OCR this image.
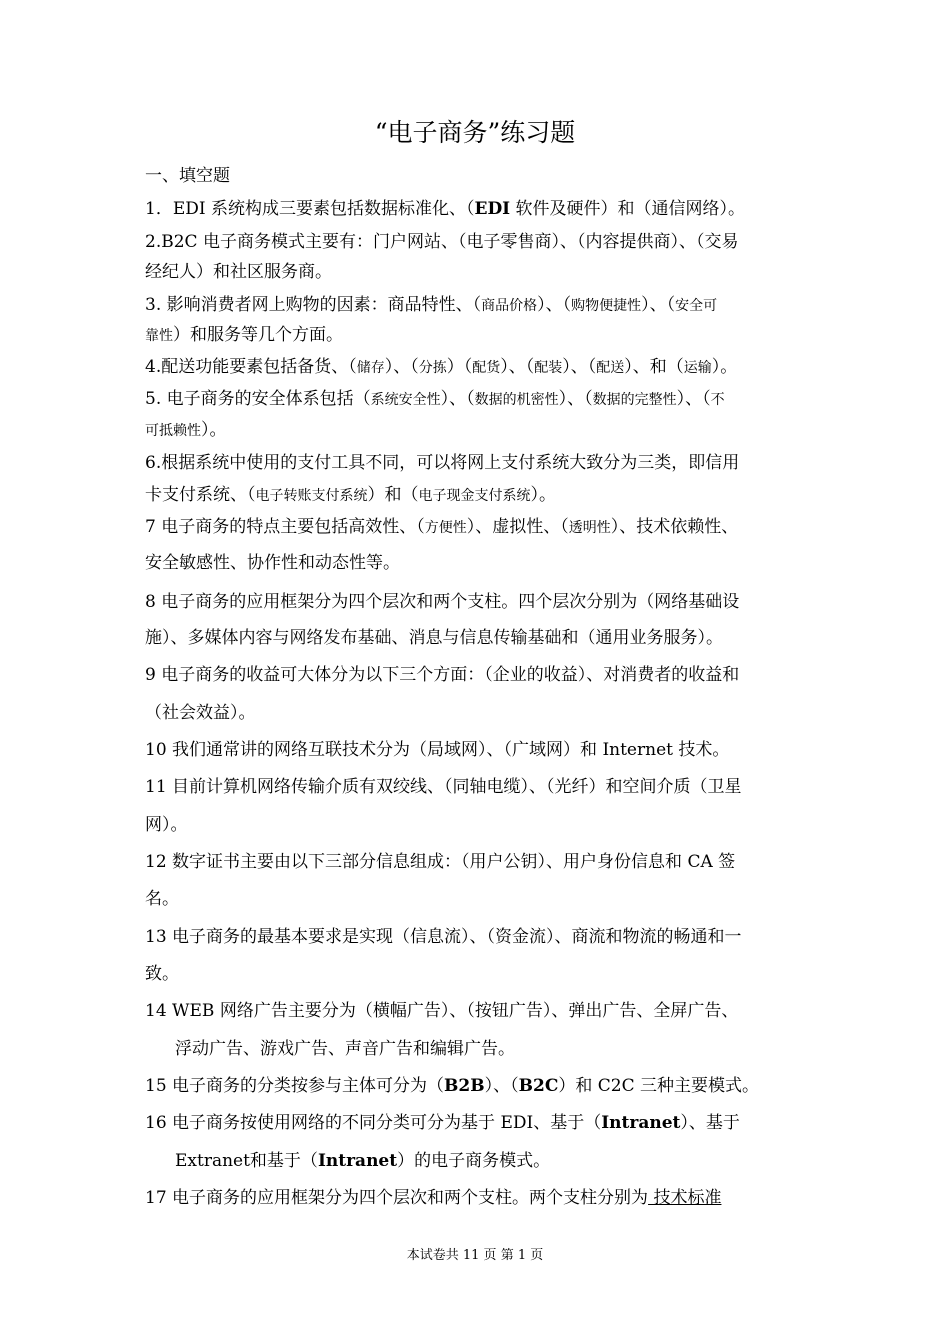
“电子商务”练习题
一、填空题
1．EDI 系统构成三要素包括数据标准化、（EDI 软件及硬件）和（通信网络）。
2.B2C 电子商务模式主要有：门户网站、（电子零售商）、（内容提供商）、（交易
经纪人）和社区服务商。
3. 影响消费者网上购物的因素：商品特性、（商品价格）、（购物便捷性）、（安全可
靠性）和服务等几个方面。
4.配送功能要素包括备货、（储存）、（分拣）（配货）、（配装）、（配送）、和（运输）。
5. 电子商务的安全体系包括（系统安全性）、（数据的机密性）、（数据的完整性）、（不
可抵赖性）。
6.根据系统中使用的支付工具不同，可以将网上支付系统大致分为三类，即信用
卡支付系统、（电子转账支付系统）和（电子现金支付系统）。
7 电子商务的特点主要包括高效性、（方便性）、虚拟性、（透明性）、技术依赖性、
安全敏感性、协作性和动态性等。
8 电子商务的应用框架分为四个层次和两个支柱。四个层次分别为（网络基础设
施）、多媒体内容与网络发布基础、消息与信息传输基础和（通用业务服务）。
9 电子商务的收益可大体分为以下三个方面：（企业的收益）、对消费者的收益和
（社会效益）。
10 我们通常讲的网络互联技术分为（局域网）、（广域网）和 Internet 技术。
11 目前计算机网络传输介质有双绞线、（同轴电缆）、（光纤）和空间介质（卫星
网）。
12 数字证书主要由以下三部分信息组成：（用户公钥）、用户身份信息和 CA 签
名。
13 电子商务的最基本要求是实现（信息流）、（资金流）、商流和物流的畅通和一
致。
14 WEB 网络广告主要分为（横幅广告）、（按钮广告）、弹出广告、全屏广告、
浮动广告、游戏广告、声音广告和编辑广告。
15 电子商务的分类按参与主体可分为（B2B）、（B2C）和 C2C 三种主要模式。
16 电子商务按使用网络的不同分类可分为基于 EDI、基于（Intranet）、基于
Extranet和基于（Intranet）的电子商务模式。
17 电子商务的应用框架分为四个层次和两个支柱。两个支柱分别为 技术标准
本试卷共 11 页 第 1 页
